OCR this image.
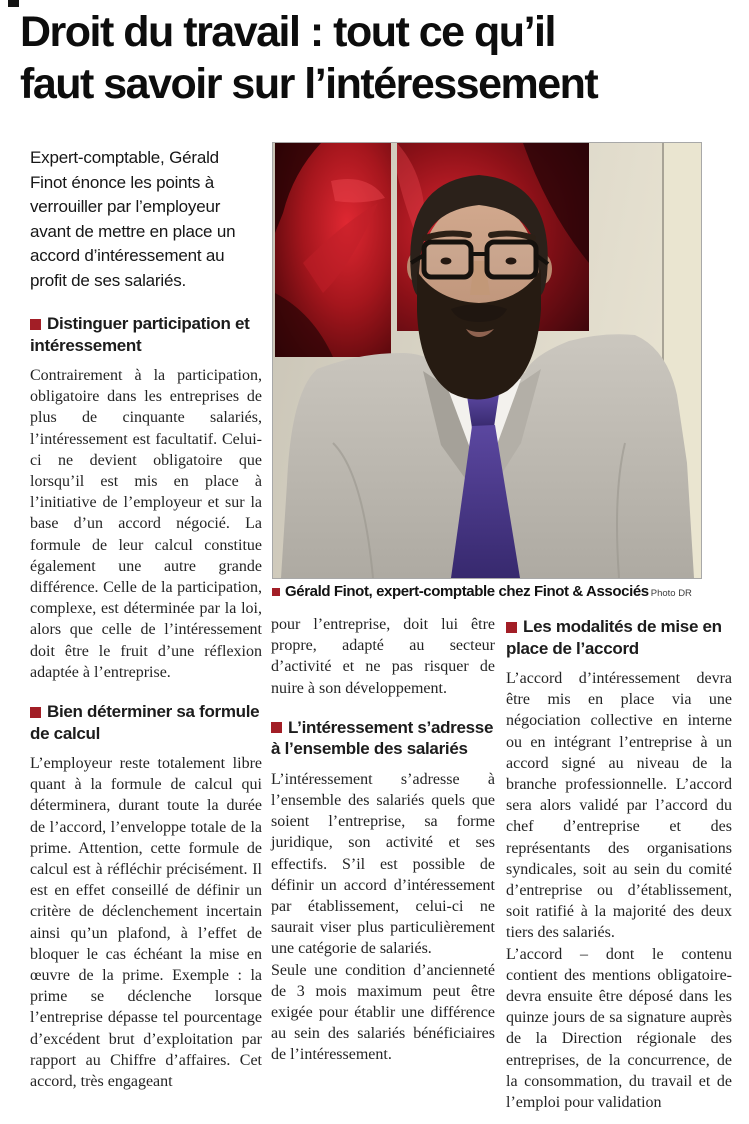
Droit du travail : tout ce qu’il
faut savoir sur l’intéressement
Gérald Finot, expert-comptable chez Finot & Associés Photo DR

Expert-comptable, Gérald Finot énonce les points à verrouiller par l’employeur avant de mettre en place un accord d’intéressement au profit de ses salariés.

Distinguer participation et intéressement

Contrairement à la participation, obligatoire dans les entreprises de plus de cinquante salariés, l’intéressement est facultatif. Celui-ci ne devient obligatoire que lorsqu’il est mis en place à l’initiative de l’employeur et sur la base d’un accord négocié. La formule de leur calcul constitue également une autre grande différence. Celle de la participation, complexe, est déterminée par la loi, alors que celle de l’intéressement doit être le fruit d’une réflexion adaptée à l’entreprise.

Bien déterminer sa formule de calcul

L’employeur reste totalement libre quant à la formule de calcul qui déterminera, durant toute la durée de l’accord, l’enveloppe totale de la prime. Attention, cette formule de calcul est à réfléchir précisément. Il est en effet conseillé de définir un critère de déclenchement incertain ainsi qu’un plafond, à l’effet de bloquer le cas échéant la mise en œuvre de la prime. Exemple : la prime se déclenche lorsque l’entreprise dépasse tel pourcentage d’excédent brut d’exploitation par rapport au Chiffre d’affaires. Cet accord, très engageant

pour l’entreprise, doit lui être propre, adapté au secteur d’activité et ne pas risquer de nuire à son développement.

L’intéressement s’adresse à l’ensemble des salariés

L’intéressement s’adresse à l’ensemble des salariés quels que soient l’entreprise, sa forme juridique, son activité et ses effectifs. S’il est possible de définir un accord d’intéressement par établissement, celui-ci ne saurait viser plus particulièrement une catégorie de salariés.

Seule une condition d’ancienneté de 3 mois maximum peut être exigée pour établir une différence au sein des salariés bénéficiaires de l’intéressement.

Les modalités de mise en place de l’accord

L’accord d’intéressement devra être mis en place via une négociation collective en interne ou en intégrant l’entreprise à un accord signé au niveau de la branche professionnelle. L’accord sera alors validé par l’accord du chef d’entreprise et des représentants des organisations syndicales, soit au sein du comité d’entreprise ou d’établissement, soit ratifié à la majorité des deux tiers des salariés.

L’accord – dont le contenu contient des mentions obligatoire- devra ensuite être déposé dans les quinze jours de sa signature auprès de la Direction régionale des entreprises, de la concurrence, de la consommation, du travail et de l’emploi pour validation
